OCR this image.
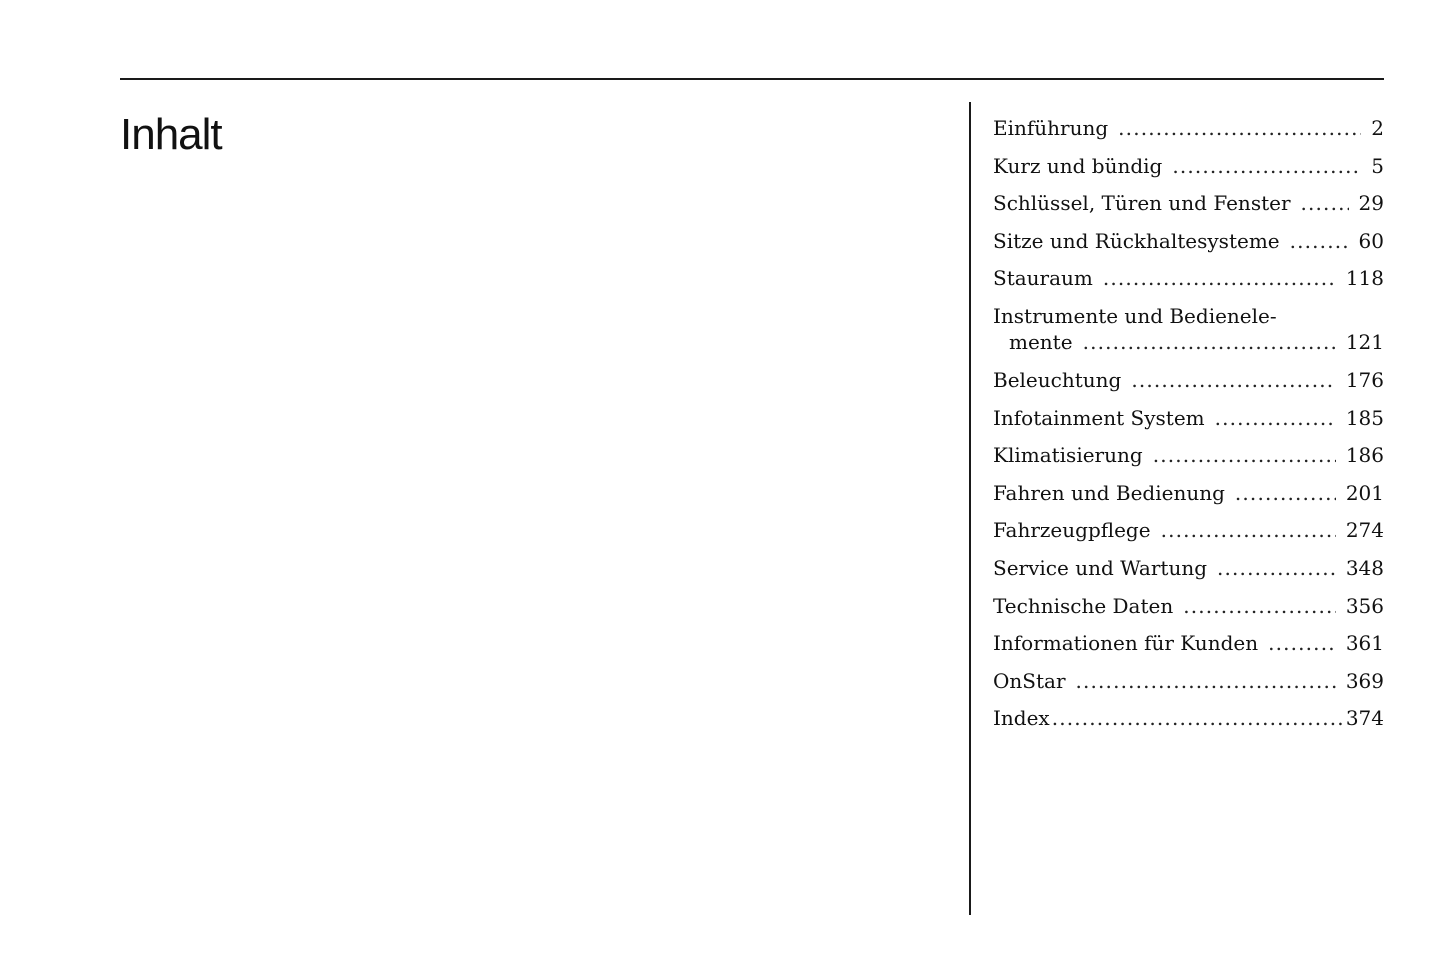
Inhalt	Einführung . . .	2
Kurz und bündig . . .	5
Schlüssel, Türen und Fenster . . .	29
Sitze und Rückhaltesysteme . . .	60
Stauraum . . .	118
Instrumente und Bedienele-
mente . . .	121
Beleuchtung . . .	176
Infotainment System . . .	185
Klimatisierung . . .	186
Fahren und Bedienung . . .	201
Fahrzeugpflege . . .	274
Service und Wartung . . .	348
Technische Daten . . .	356
Informationen für Kunden . . .	361
OnStar . . .	369
Index . . .	374
